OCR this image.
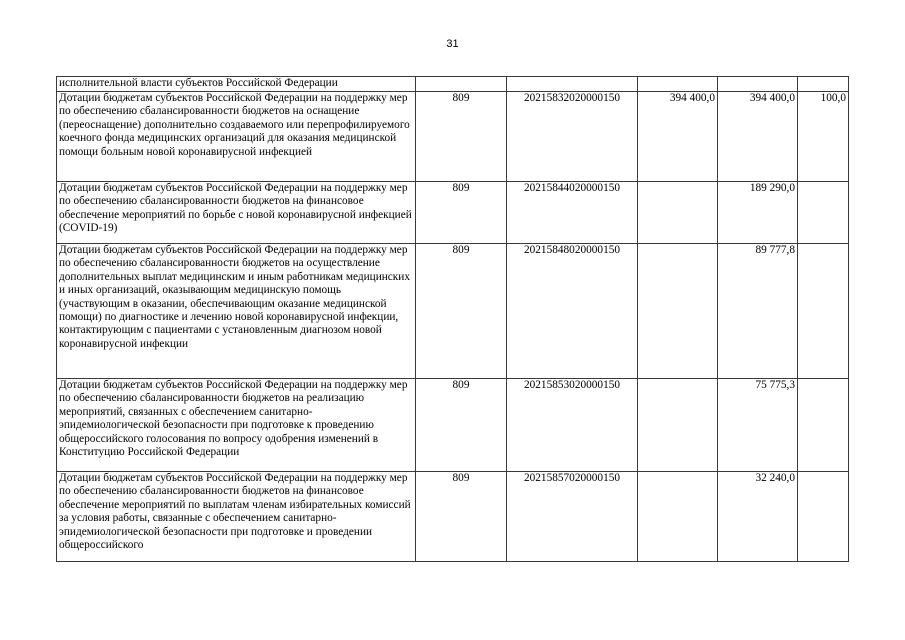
31
исполнительной власти субъектов Российской Федерации					
Дотации бюджетам субъектов Российской Федерации на поддержку мер по обеспечению сбалансированности бюджетов на оснащение (переоснащение) дополнительно создаваемого или перепрофилируемого коечного фонда медицинских организаций для оказания медицинской помощи больным новой коронавирусной инфекцией	809	20215832020000150	394 400,0	394 400,0	100,0
Дотации бюджетам субъектов Российской Федерации на поддержку мер по обеспечению сбалансированности бюджетов на финансовое обеспечение мероприятий по борьбе с новой коронавирусной инфекцией (COVID-19)	809	20215844020000150		189 290,0	
Дотации бюджетам субъектов Российской Федерации на поддержку мер по обеспечению сбалансированности бюджетов на осуществление дополнительных выплат медицинским и иным работникам медицинских и иных организаций, оказывающим медицинскую помощь (участвующим в оказании, обеспечивающим оказание медицинской помощи) по диагностике и лечению новой коронавирусной инфекции, контактирующим с пациентами с установленным диагнозом новой коронавирусной инфекции	809	20215848020000150		89 777,8	
Дотации бюджетам субъектов Российской Федерации на поддержку мер по обеспечению сбалансированности бюджетов на реализацию мероприятий, связанных с обеспечением санитарно-эпидемиологической безопасности при подготовке к проведению общероссийского голосования по вопросу одобрения изменений в Конституцию Российской Федерации	809	20215853020000150		75 775,3	
Дотации бюджетам субъектов Российской Федерации на поддержку мер по обеспечению сбалансированности бюджетов на финансовое обеспечение мероприятий по выплатам членам избирательных комиссий за условия работы, связанные с обеспечением санитарно-эпидемиологической безопасности при подготовке и проведении общероссийского	809	20215857020000150		32 240,0	
